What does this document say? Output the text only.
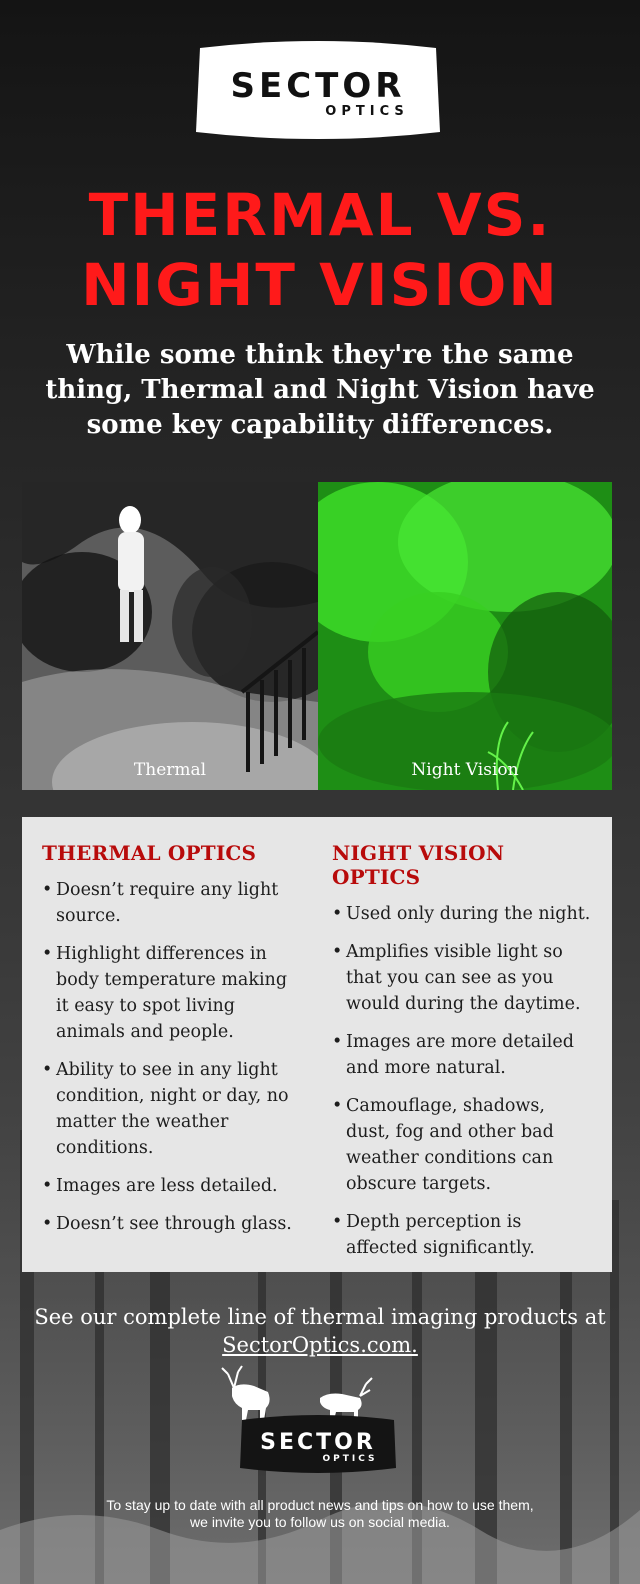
SECTOR
OPTICS
THERMAL VS.
NIGHT VISION
While some think they're the same thing, Thermal and Night Vision have some key capability differences.
Thermal	Night Vision
THERMAL OPTICS
• Doesn’t require any light source.
• Highlight differences in body temperature making it easy to spot living animals and people.
• Ability to see in any light condition, night or day, no matter the weather conditions.
• Images are less detailed.
• Doesn’t see through glass.
NIGHT VISION OPTICS
• Used only during the night.
• Amplifies visible light so that you can see as you would during the daytime.
• Images are more detailed and more natural.
• Camouflage, shadows, dust, fog and other bad weather conditions can obscure targets.
• Depth perception is affected significantly.
See our complete line of thermal imaging products at SectorOptics.com.
SECTOR
OPTICS
To stay up to date with all product news and tips on how to use them,
we invite you to follow us on social media.
